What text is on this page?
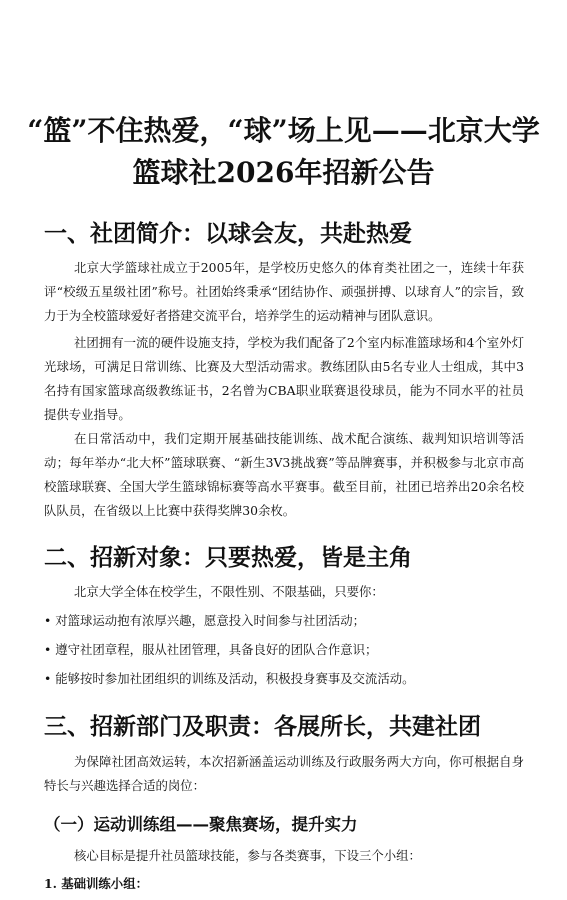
“篮”不住热爱，“球”场上见——北京大学篮球社2026年招新公告
一、社团简介：以球会友，共赴热爱

北京大学篮球社成立于2005年，是学校历史悠久的体育类社团之一，连续十年获评“校级五星级社团”称号。社团始终秉承“团结协作、顽强拼搏、以球育人”的宗旨，致力于为全校篮球爱好者搭建交流平台，培养学生的运动精神与团队意识。

社团拥有一流的硬件设施支持，学校为我们配备了2个室内标准篮球场和4个室外灯光球场，可满足日常训练、比赛及大型活动需求。教练团队由5名专业人士组成，其中3名持有国家篮球高级教练证书，2名曾为CBA职业联赛退役球员，能为不同水平的社员提供专业指导。

在日常活动中，我们定期开展基础技能训练、战术配合演练、裁判知识培训等活动；每年举办“北大杯”篮球联赛、“新生3V3挑战赛”等品牌赛事，并积极参与北京市高校篮球联赛、全国大学生篮球锦标赛等高水平赛事。截至目前，社团已培养出20余名校队队员，在省级以上比赛中获得奖牌30余枚。

二、招新对象：只要热爱，皆是主角

北京大学全体在校学生，不限性别、不限基础，只要你：

• 对篮球运动抱有浓厚兴趣，愿意投入时间参与社团活动；

• 遵守社团章程，服从社团管理，具备良好的团队合作意识；

• 能够按时参加社团组织的训练及活动，积极投身赛事及交流活动。

三、招新部门及职责：各展所长，共建社团

为保障社团高效运转，本次招新涵盖运动训练及行政服务两大方向，你可根据自身特长与兴趣选择合适的岗位：

（一）运动训练组——聚焦赛场，提升实力

核心目标是提升社员篮球技能，参与各类赛事，下设三个小组：

1. 基础训练小组：
